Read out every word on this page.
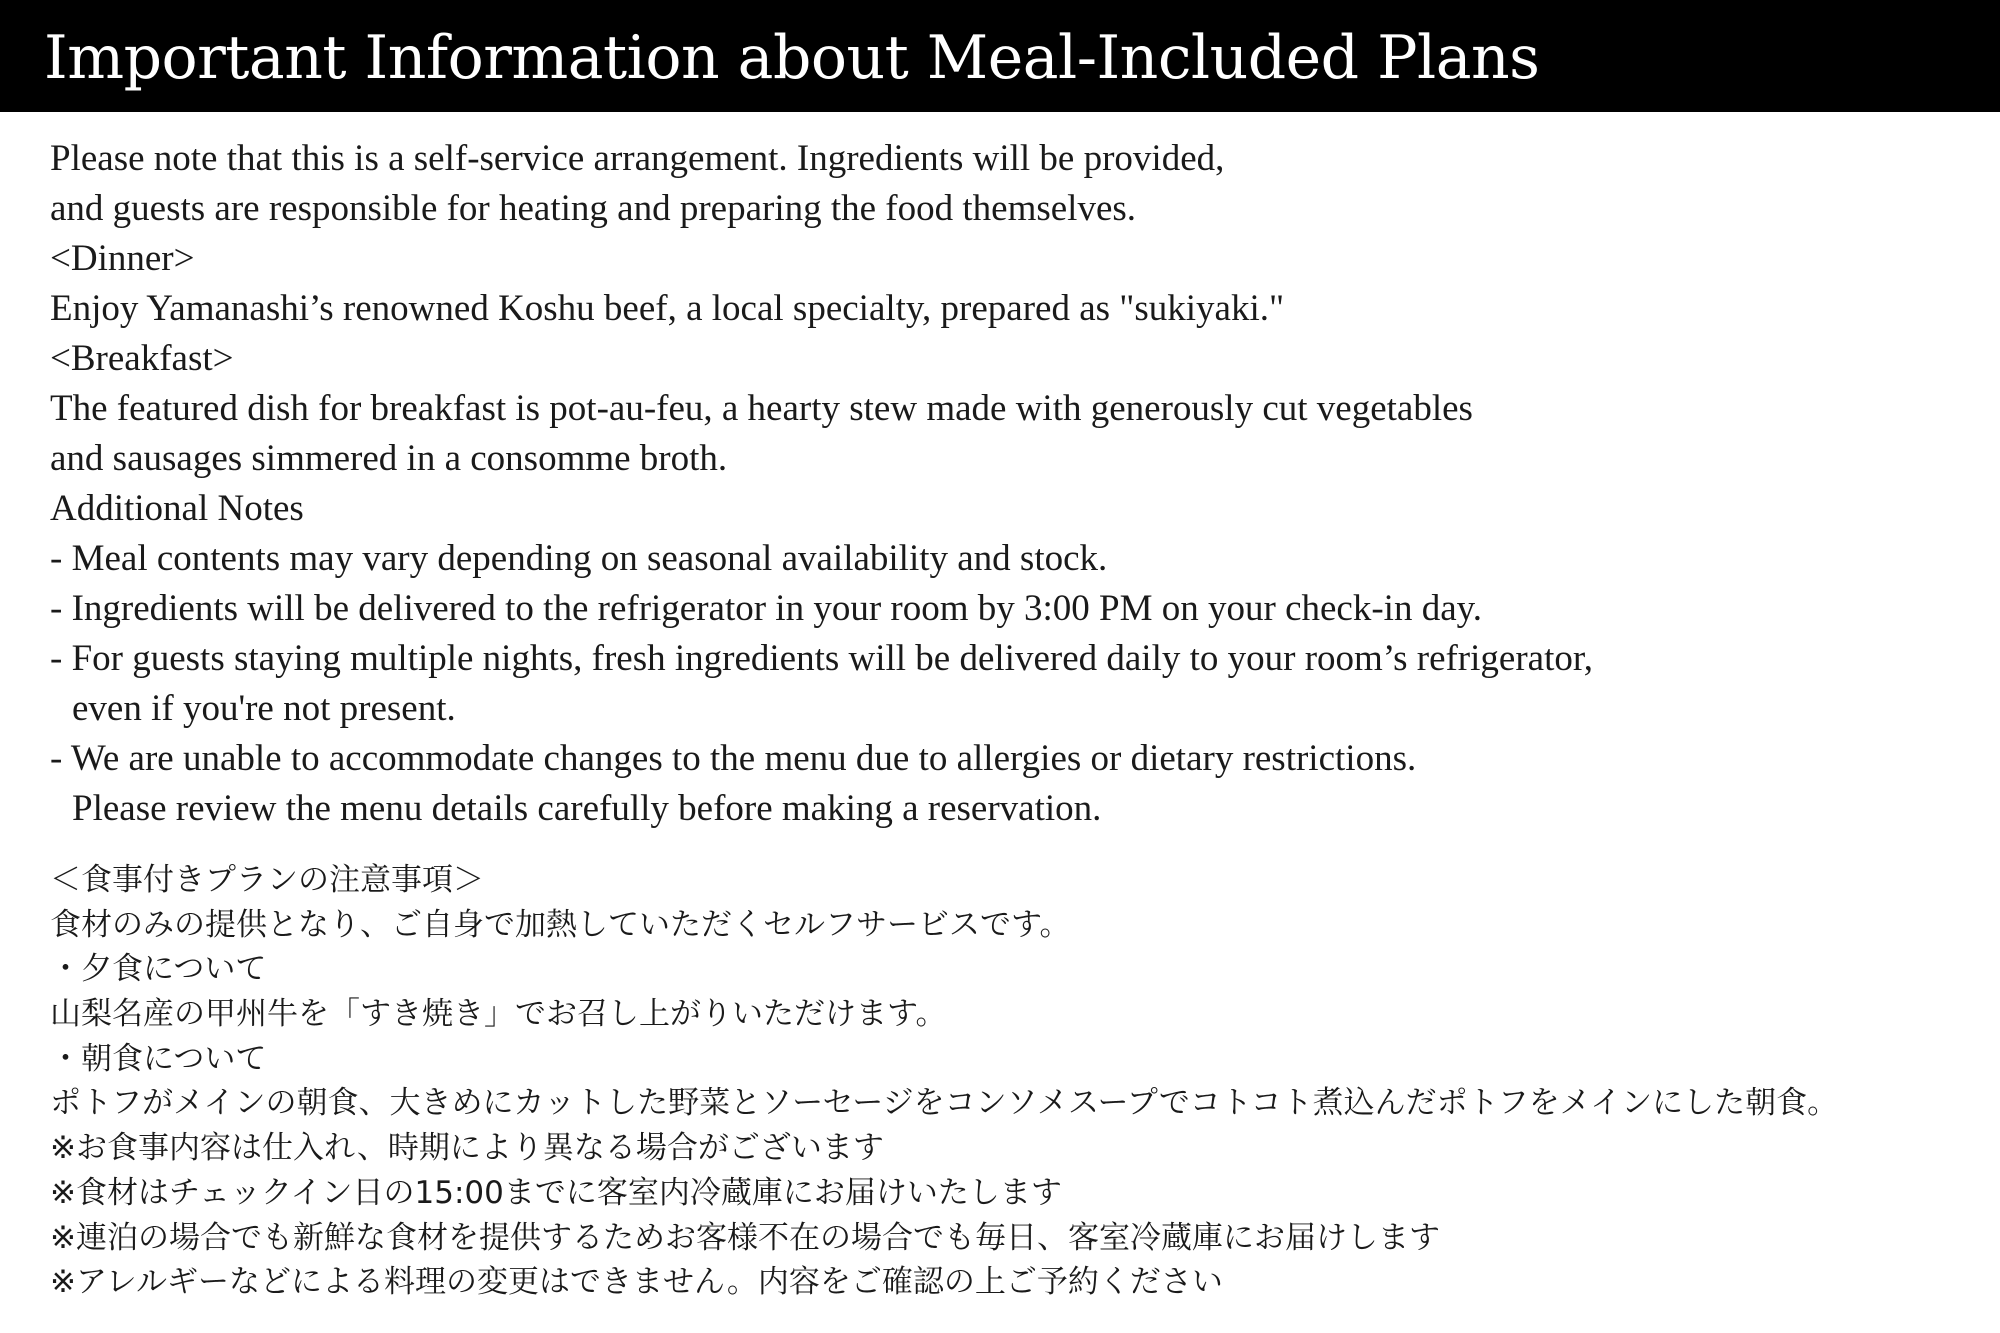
Important Information about Meal-Included Plans
Please note that this is a self-service arrangement. Ingredients will be provided,
and guests are responsible for heating and preparing the food themselves.
<Dinner>
Enjoy Yamanashi’s renowned Koshu beef, a local specialty, prepared as "sukiyaki."
<Breakfast>
The featured dish for breakfast is pot-au-feu, a hearty stew made with generously cut vegetables
and sausages simmered in a consomme broth.
Additional Notes
- Meal contents may vary depending on seasonal availability and stock.
- Ingredients will be delivered to the refrigerator in your room by 3:00 PM on your check-in day.
- For guests staying multiple nights, fresh ingredients will be delivered daily to your room’s refrigerator,
even if you're not present.
- We are unable to accommodate changes to the menu due to allergies or dietary restrictions.
Please review the menu details carefully before making a reservation.
＜食事付きプランの注意事項＞
食材のみの提供となり、ご自身で加熱していただくセルフサービスです。
・夕食について
山梨名産の甲州牛を「すき焼き」でお召し上がりいただけます。
・朝食について
ポトフがメインの朝食、大きめにカットした野菜とソーセージをコンソメスープでコトコト煮込んだポトフをメインにした朝食。
※お食事内容は仕入れ、時期により異なる場合がございます
※食材はチェックイン日の15:00までに客室内冷蔵庫にお届けいたします
※連泊の場合でも新鮮な食材を提供するためお客様不在の場合でも毎日、客室冷蔵庫にお届けします
※アレルギーなどによる料理の変更はできません。内容をご確認の上ご予約ください
